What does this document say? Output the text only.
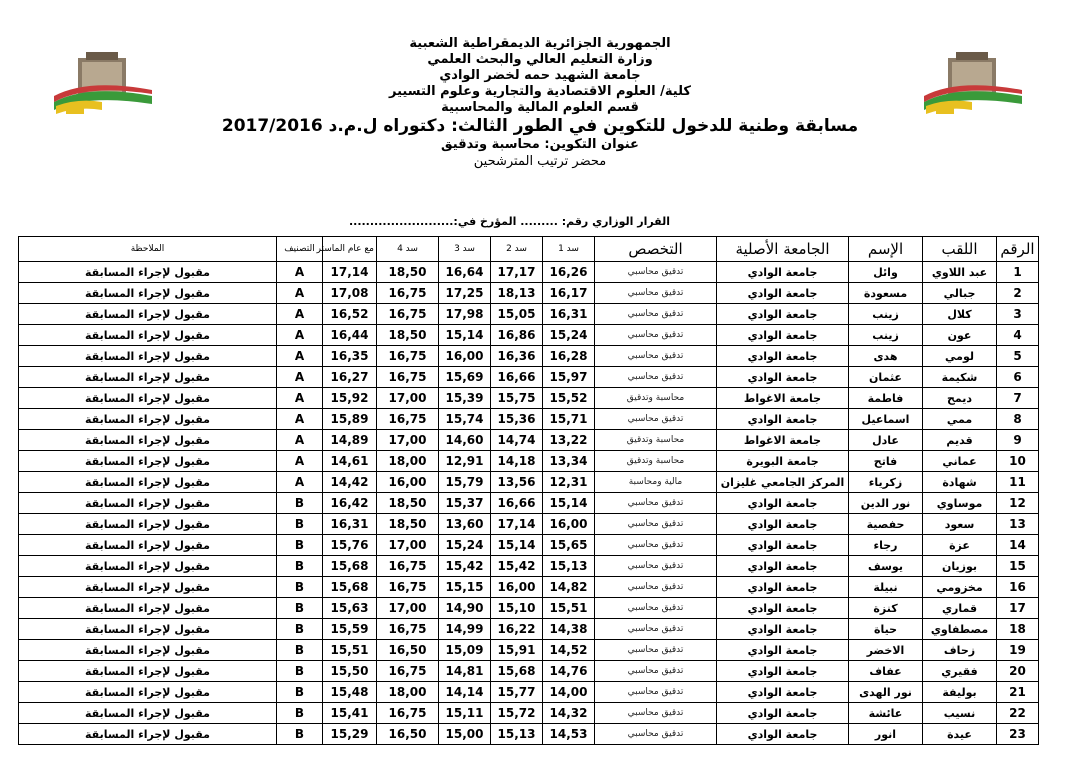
الجمهورية الجزائرية الديمقراطية الشعبية
وزارة التعليم العالي والبحث العلمي
جامعة الشهيد حمه لخضر الوادي
كلية/ العلوم الاقتصادية والتجارية وعلوم التسيير
قسم العلوم المالية والمحاسبية
مسابقة وطنية للدخول للتكوين في الطور الثالث: دكتوراه ل.م.د 2017/2016
عنوان التكوين: محاسبة وتدقيق
محضر ترتيب المترشحين
القرار الوزاري رقم: ......... المؤرخ في:.........................
الرقم	اللقب	الإسم	الجامعة الأصلية	التخصص	سد 1	سد 2	سد 3	سد 4	مع عام الماستر	التصنيف	الملاحظة
1	عبد اللاوي	وائل	جامعة الوادي	تدقيق محاسبي	16,26	17,17	16,64	18,50	17,14	A	مقبول لإجراء المسابقة
2	جبالي	مسعودة	جامعة الوادي	تدقيق محاسبي	16,17	18,13	17,25	16,75	17,08	A	مقبول لإجراء المسابقة
3	كلال	زينب	جامعة الوادي	تدقيق محاسبي	16,31	15,05	17,98	16,75	16,52	A	مقبول لإجراء المسابقة
4	عون	زينب	جامعة الوادي	تدقيق محاسبي	15,24	16,86	15,14	18,50	16,44	A	مقبول لإجراء المسابقة
5	لومي	هدى	جامعة الوادي	تدقيق محاسبي	16,28	16,36	16,00	16,75	16,35	A	مقبول لإجراء المسابقة
6	شكيمة	عثمان	جامعة الوادي	تدقيق محاسبي	15,97	16,66	15,69	16,75	16,27	A	مقبول لإجراء المسابقة
7	ديمح	فاطمة	جامعة الاغواط	محاسبة وتدقيق	15,52	15,75	15,39	17,00	15,92	A	مقبول لإجراء المسابقة
8	ممي	اسماعيل	جامعة الوادي	تدقيق محاسبي	15,71	15,36	15,74	16,75	15,89	A	مقبول لإجراء المسابقة
9	قديم	عادل	جامعة الاغواط	محاسبة وتدقيق	13,22	14,74	14,60	17,00	14,89	A	مقبول لإجراء المسابقة
10	عماني	فاتح	جامعة البويرة	محاسبة وتدقيق	13,34	14,18	12,91	18,00	14,61	A	مقبول لإجراء المسابقة
11	شهادة	زكرياء	المركز الجامعي غليزان	مالية ومحاسبة	12,31	13,56	15,79	16,00	14,42	A	مقبول لإجراء المسابقة
12	موساوي	نور الدين	جامعة الوادي	تدقيق محاسبي	15,14	16,66	15,37	18,50	16,42	B	مقبول لإجراء المسابقة
13	سعود	حفصية	جامعة الوادي	تدقيق محاسبي	16,00	17,14	13,60	18,50	16,31	B	مقبول لإجراء المسابقة
14	عزة	رجاء	جامعة الوادي	تدقيق محاسبي	15,65	15,14	15,24	17,00	15,76	B	مقبول لإجراء المسابقة
15	بوزيان	يوسف	جامعة الوادي	تدقيق محاسبي	15,13	15,42	15,42	16,75	15,68	B	مقبول لإجراء المسابقة
16	مخزومي	نبيلة	جامعة الوادي	تدقيق محاسبي	14,82	16,00	15,15	16,75	15,68	B	مقبول لإجراء المسابقة
17	قماري	كنزة	جامعة الوادي	تدقيق محاسبي	15,51	15,10	14,90	17,00	15,63	B	مقبول لإجراء المسابقة
18	مصطفاوي	حياة	جامعة الوادي	تدقيق محاسبي	14,38	16,22	14,99	16,75	15,59	B	مقبول لإجراء المسابقة
19	زحاف	الاخضر	جامعة الوادي	تدقيق محاسبي	14,52	15,91	15,09	16,50	15,51	B	مقبول لإجراء المسابقة
20	فقيري	عفاف	جامعة الوادي	تدقيق محاسبي	14,76	15,68	14,81	16,75	15,50	B	مقبول لإجراء المسابقة
21	بوليفة	نور الهدى	جامعة الوادي	تدقيق محاسبي	14,00	15,77	14,14	18,00	15,48	B	مقبول لإجراء المسابقة
22	نسيب	عائشة	جامعة الوادي	تدقيق محاسبي	14,32	15,72	15,11	16,75	15,41	B	مقبول لإجراء المسابقة
23	عيدة	انور	جامعة الوادي	تدقيق محاسبي	14,53	15,13	15,00	16,50	15,29	B	مقبول لإجراء المسابقة
